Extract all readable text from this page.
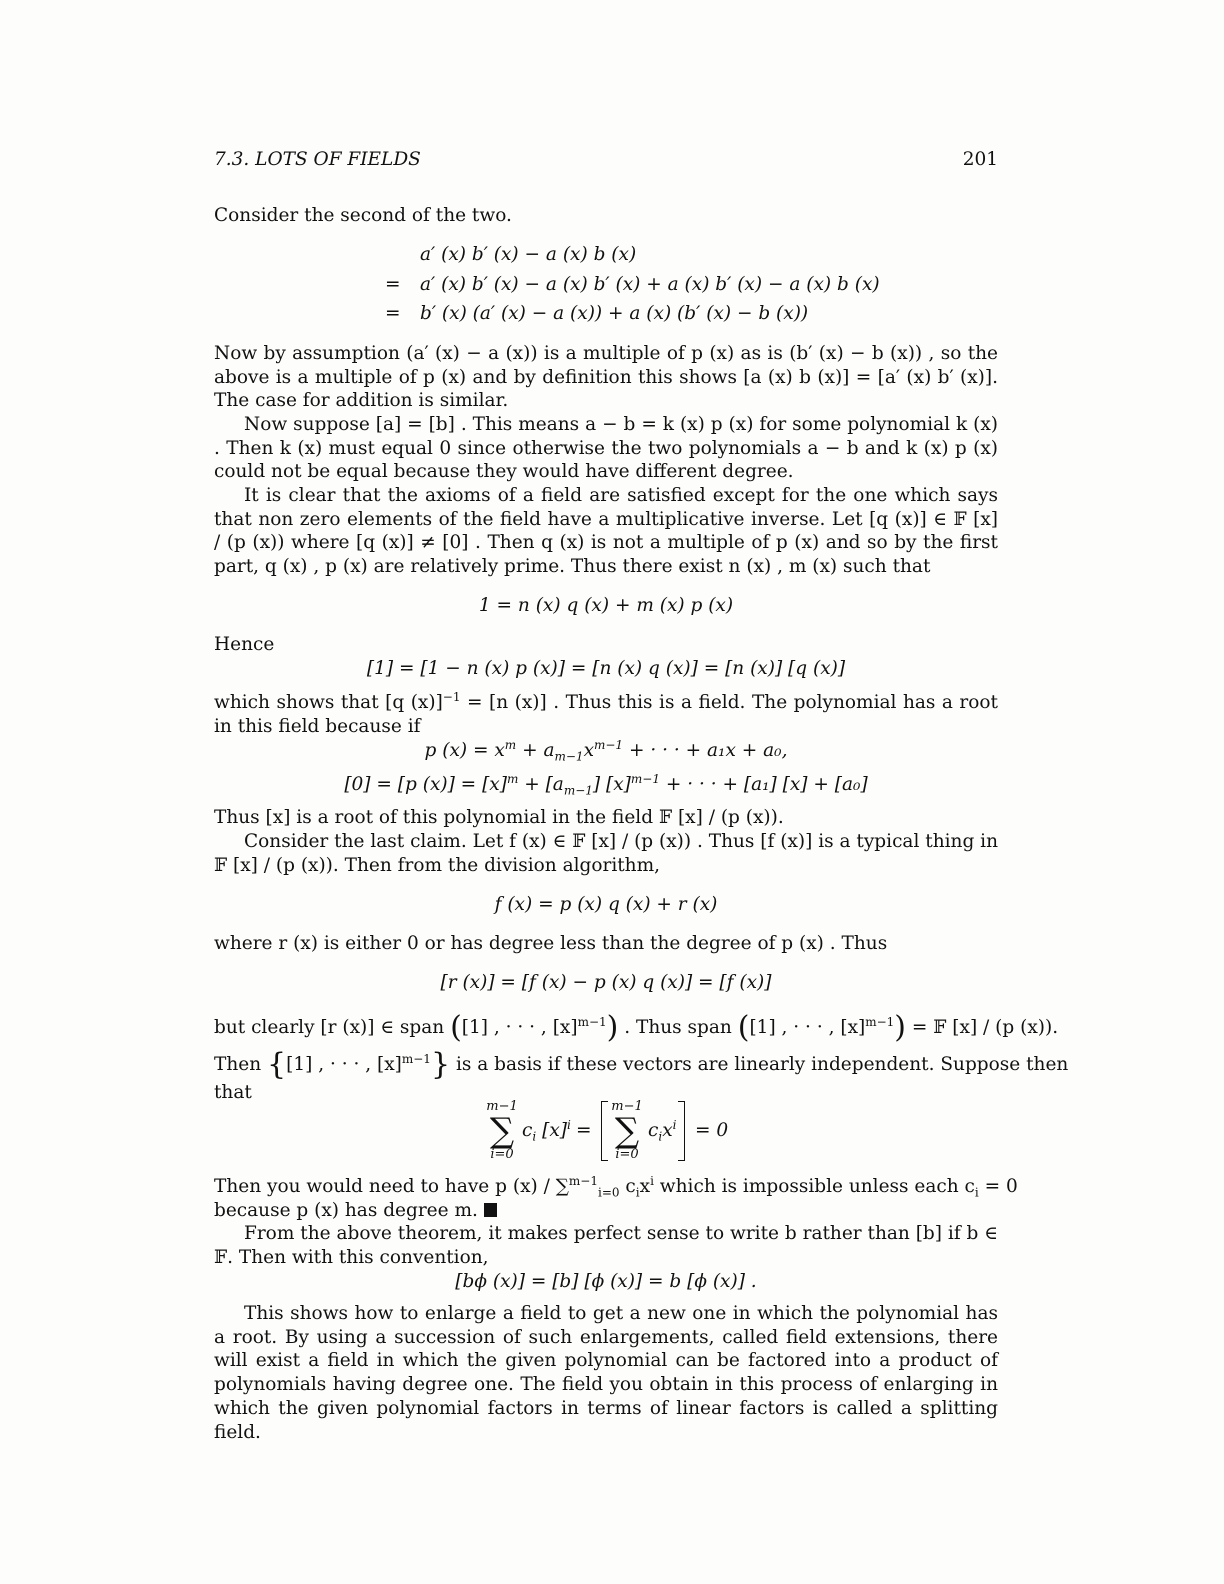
7.3. LOTS OF FIELDS	201
Consider the second of the two.
a′ (x) b′ (x) − a (x) b (x)
= a′ (x) b′ (x) − a (x) b′ (x) + a (x) b′ (x) − a (x) b (x)
= b′ (x) (a′ (x) − a (x)) + a (x) (b′ (x) − b (x))
Now by assumption (a′ (x) − a (x)) is a multiple of p (x) as is (b′ (x) − b (x)) , so the above is a multiple of p (x) and by definition this shows [a (x) b (x)] = [a′ (x) b′ (x)]. The case for addition is similar.
Now suppose [a] = [b] . This means a − b = k (x) p (x) for some polynomial k (x) . Then k (x) must equal 0 since otherwise the two polynomials a − b and k (x) p (x) could not be equal because they would have different degree.
It is clear that the axioms of a field are satisfied except for the one which says that non zero elements of the field have a multiplicative inverse. Let [q (x)] ∈ 𝔽 [x] / (p (x)) where [q (x)] ≠ [0] . Then q (x) is not a multiple of p (x) and so by the first part, q (x) , p (x) are relatively prime. Thus there exist n (x) , m (x) such that
1 = n (x) q (x) + m (x) p (x)
Hence
[1] = [1 − n (x) p (x)] = [n (x) q (x)] = [n (x)] [q (x)]
which shows that [q (x)]$^{-1}$ = [n (x)] . Thus this is a field. The polynomial has a root in this field because if
p $(x) = x^m + a_{m-1}x^{m-1}$ + · · · + a₁x + a₀,
[0] = [p $(x)] = [x]^m + [a_{m-1}] [x]^{m-1}$ + · · · + [a₁] [x] + [a₀]
Thus [x] is a root of this polynomial in the field 𝔽 [x] / (p (x)).
Consider the last claim. Let f (x) ∈ 𝔽 [x] / (p (x)) . Thus [f (x)] is a typical thing in 𝔽 [x] / (p (x)). Then from the division algorithm,
f (x) = p (x) q (x) + r (x)
where r (x) is either 0 or has degree less than the degree of p (x) . Thus
[r (x)] = [f (x) − p (x) q (x)] = [f (x)]
but clearly [r (x)] ∈ span ([1] , · · · , $[x]^{m-1}$) . Thus span ([1] , · · · , $[x]^{m-1}$) = 𝔽 [x] / (p (x)).
Then {[1] , · · · , $[x]^{m-1}$} is a basis if these vectors are linearly independent. Suppose then
that
m−1
∑
i=0
$c_i$ $[x]^i$ =
m−1
∑
i=0
$c_ix^i$	= 0
Then you would need to have p (x) / ∑$^{m-1}_{i=0}$ $c_ix^i$ which is impossible unless each $c_i = 0$
because p (x) has degree m.
From the above theorem, it makes perfect sense to write b rather than [b] if b ∈ 𝔽. Then with this convention,
[bϕ (x)] = [b] [ϕ (x)] = b [ϕ (x)] .
This shows how to enlarge a field to get a new one in which the polynomial has a root. By using a succession of such enlargements, called field extensions, there will exist a field in which the given polynomial can be factored into a product of polynomials having degree one. The field you obtain in this process of enlarging in which the given polynomial factors in terms of linear factors is called a splitting field.
